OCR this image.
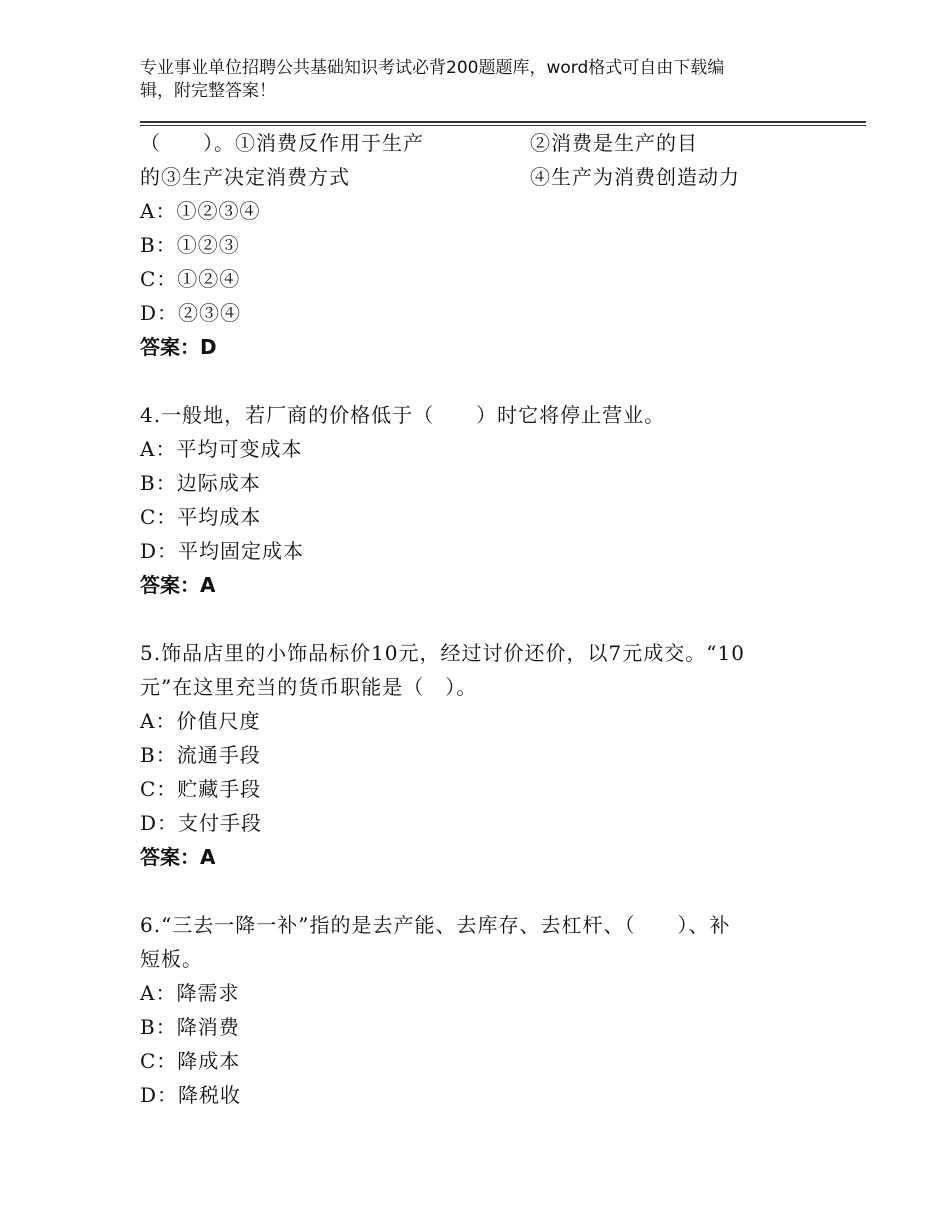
专业事业单位招聘公共基础知识考试必背200题题库，word格式可自由下载编
辑，附完整答案！
（　　）。①消费反作用于生产	②消费是生产的目
的③生产决定消费方式	④生产为消费创造动力
A：①②③④
B：①②③
C：①②④
D：②③④
答案：D
4.一般地，若厂商的价格低于（　　）时它将停止营业。
A：平均可变成本
B：边际成本
C：平均成本
D：平均固定成本
答案：A
5.饰品店里的小饰品标价10元，经过讨价还价，以7元成交。“10
元”在这里充当的货币职能是（　）。
A：价值尺度
B：流通手段
C：贮藏手段
D：支付手段
答案：A
6.“三去一降一补”指的是去产能、去库存、去杠杆、（　　）、补
短板。
A：降需求
B：降消费
C：降成本
D：降税收
